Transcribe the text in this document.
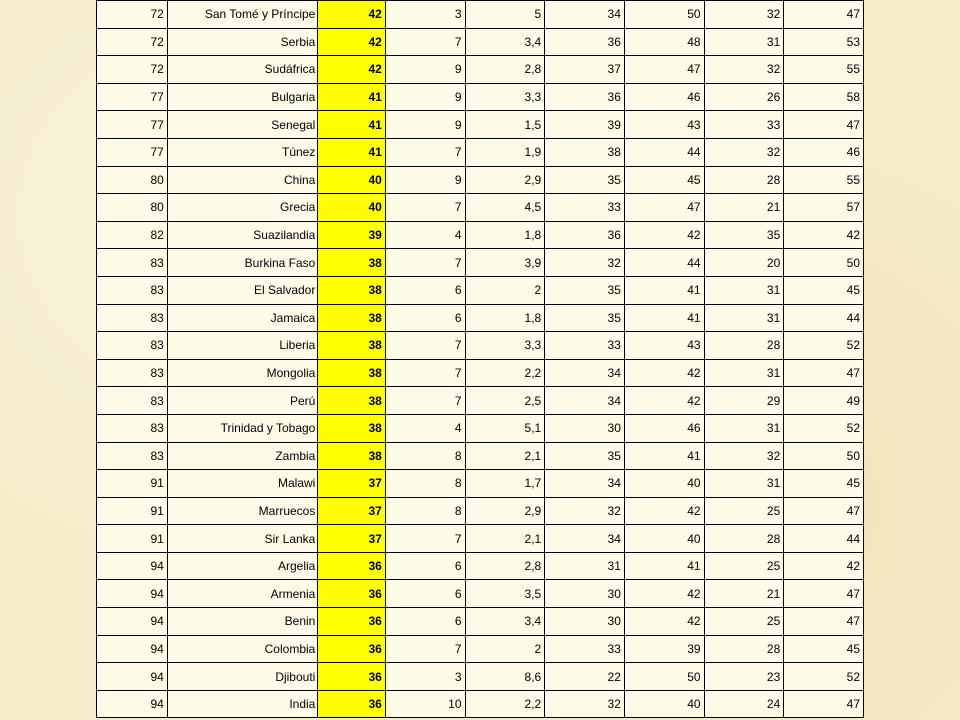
72	San Tomé y Príncipe	42	3	5	34	50	32	47
72	Serbia	42	7	3,4	36	48	31	53
72	Sudáfrica	42	9	2,8	37	47	32	55
77	Bulgaria	41	9	3,3	36	46	26	58
77	Senegal	41	9	1,5	39	43	33	47
77	Túnez	41	7	1,9	38	44	32	46
80	China	40	9	2,9	35	45	28	55
80	Grecia	40	7	4,5	33	47	21	57
82	Suazilandia	39	4	1,8	36	42	35	42
83	Burkina Faso	38	7	3,9	32	44	20	50
83	El Salvador	38	6	2	35	41	31	45
83	Jamaica	38	6	1,8	35	41	31	44
83	Liberia	38	7	3,3	33	43	28	52
83	Mongolia	38	7	2,2	34	42	31	47
83	Perú	38	7	2,5	34	42	29	49
83	Trinidad y Tobago	38	4	5,1	30	46	31	52
83	Zambia	38	8	2,1	35	41	32	50
91	Malawi	37	8	1,7	34	40	31	45
91	Marruecos	37	8	2,9	32	42	25	47
91	Sir Lanka	37	7	2,1	34	40	28	44
94	Argelia	36	6	2,8	31	41	25	42
94	Armenia	36	6	3,5	30	42	21	47
94	Benin	36	6	3,4	30	42	25	47
94	Colombia	36	7	2	33	39	28	45
94	Djibouti	36	3	8,6	22	50	23	52
94	India	36	10	2,2	32	40	24	47
